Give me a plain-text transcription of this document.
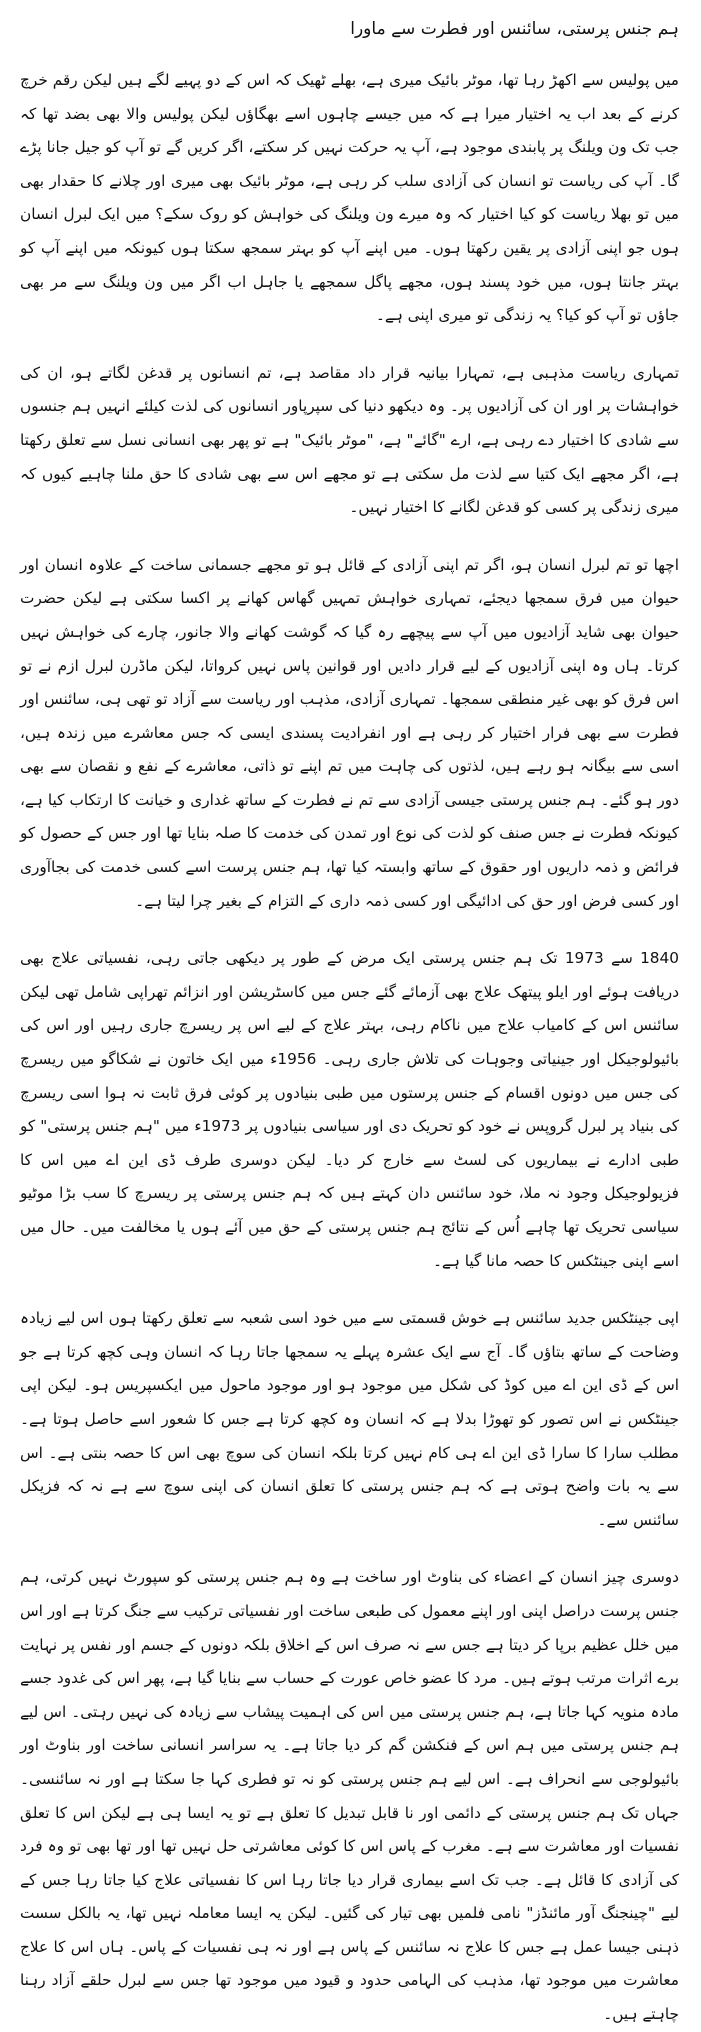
ہم جنس پرستی، سائنس اور فطرت سے ماورا

میں پولیس سے اکھڑ رہا تھا، موٹر بائیک میری ہے، بھلے ٹھیک کہ اس کے دو پہیے لگے ہیں لیکن رقم خرچ کرنے کے بعد اب یہ اختیار میرا ہے کہ میں جیسے چاہوں اسے بھگاؤں لیکن پولیس والا بھی بضد تھا کہ جب تک ون ویلنگ پر پابندی موجود ہے، آپ یہ حرکت نہیں کر سکتے، اگر کریں گے تو آپ کو جیل جانا پڑے گا۔ آپ کی ریاست تو انسان کی آزادی سلب کر رہی ہے، موٹر بائیک بھی میری اور چلانے کا حقدار بھی میں تو بھلا ریاست کو کیا اختیار کہ وہ میرے ون ویلنگ کی خواہش کو روک سکے؟ میں ایک لبرل انسان ہوں جو اپنی آزادی پر یقین رکھتا ہوں۔ میں اپنے آپ کو بہتر سمجھ سکتا ہوں کیونکہ میں اپنے آپ کو بہتر جانتا ہوں، میں خود پسند ہوں، مجھے پاگل سمجھے یا جاہل اب اگر میں ون ویلنگ سے مر بھی جاؤں تو آپ کو کیا؟ یہ زندگی تو میری اپنی ہے۔

تمہاری ریاست مذہبی ہے، تمہارا بیانیہ قرار داد مقاصد ہے، تم انسانوں پر قدغن لگاتے ہو، ان کی خواہشات پر اور ان کی آزادیوں پر۔ وہ دیکھو دنیا کی سپرپاور انسانوں کی لذت کیلئے انہیں ہم جنسوں سے شادی کا اختیار دے رہی ہے، ارے "گائے" ہے، "موٹر بائیک" ہے تو پھر بھی انسانی نسل سے تعلق رکھتا ہے، اگر مجھے ایک کتیا سے لذت مل سکتی ہے تو مجھے اس سے بھی شادی کا حق ملنا چاہیے کیوں کہ میری زندگی پر کسی کو قدغن لگانے کا اختیار نہیں۔

اچھا تو تم لبرل انسان ہو، اگر تم اپنی آزادی کے قائل ہو تو مجھے جسمانی ساخت کے علاوہ انسان اور حیوان میں فرق سمجھا دیجئے، تمہاری خواہش تمہیں گھاس کھانے پر اکسا سکتی ہے لیکن حضرت حیوان بھی شاید آزادیوں میں آپ سے پیچھے رہ گیا کہ گوشت کھانے والا جانور، چارے کی خواہش نہیں کرتا۔ ہاں وہ اپنی آزادیوں کے لیے قرار دادیں اور قوانین پاس نہیں کرواتا، لیکن ماڈرن لبرل ازم نے تو اس فرق کو بھی غیر منطقی سمجھا۔ تمہاری آزادی، مذہب اور ریاست سے آزاد تو تھی ہی، سائنس اور فطرت سے بھی فرار اختیار کر رہی ہے اور انفرادیت پسندی ایسی کہ جس معاشرے میں زندہ ہیں، اسی سے بیگانہ ہو رہے ہیں، لذتوں کی چاہت میں تم اپنے تو ذاتی، معاشرے کے نفع و نقصان سے بھی دور ہو گئے۔ ہم جنس پرستی جیسی آزادی سے تم نے فطرت کے ساتھ غداری و خیانت کا ارتکاب کیا ہے، کیونکہ فطرت نے جس صنف کو لذت کی نوع اور تمدن کی خدمت کا صلہ بنایا تھا اور جس کے حصول کو فرائض و ذمہ داریوں اور حقوق کے ساتھ وابستہ کیا تھا، ہم جنس پرست اسے کسی خدمت کی بجاآوری اور کسی فرض اور حق کی ادائیگی اور کسی ذمہ داری کے التزام کے بغیر چرا لیتا ہے۔

1840 سے 1973 تک ہم جنس پرستی ایک مرض کے طور پر دیکھی جاتی رہی، نفسیاتی علاج بھی دریافت ہوئے اور ایلو پیتھک علاج بھی آزمائے گئے جس میں کاسٹریشن اور انزائم تھراپی شامل تھی لیکن سائنس اس کے کامیاب علاج میں ناکام رہی، بہتر علاج کے لیے اس پر ریسرچ جاری رہیں اور اس کی بائیولوجیکل اور جینیاتی وجوہات کی تلاش جاری رہی۔ 1956ء میں ایک خاتون نے شکاگو میں ریسرچ کی جس میں دونوں اقسام کے جنس پرستوں میں طبی بنیادوں پر کوئی فرق ثابت نہ ہوا اسی ریسرچ کی بنیاد پر لبرل گروپس نے خود کو تحریک دی اور سیاسی بنیادوں پر 1973ء میں "ہم جنس پرستی" کو طبی ادارے نے بیماریوں کی لسٹ سے خارج کر دیا۔ لیکن دوسری طرف ڈی این اے میں اس کا فزیولوجیکل وجود نہ ملا، خود سائنس دان کہتے ہیں کہ ہم جنس پرستی پر ریسرچ کا سب بڑا موٹیو سیاسی تحریک تھا چاہے اُس کے نتائج ہم جنس پرستی کے حق میں آئے ہوں یا مخالفت میں۔ حال میں اسے اپنی جینٹکس کا حصہ مانا گیا ہے۔

اپی جینٹکس جدید سائنس ہے خوش قسمتی سے میں خود اسی شعبہ سے تعلق رکھتا ہوں اس لیے زیادہ وضاحت کے ساتھ بتاؤں گا۔ آج سے ایک عشرہ پہلے یہ سمجھا جاتا رہا کہ انسان وہی کچھ کرتا ہے جو اس کے ڈی این اے میں کوڈ کی شکل میں موجود ہو اور موجود ماحول میں ایکسپریس ہو۔ لیکن اپی جینٹکس نے اس تصور کو تھوڑا بدلا ہے کہ انسان وہ کچھ کرتا ہے جس کا شعور اسے حاصل ہوتا ہے۔ مطلب سارا کا سارا ڈی این اے ہی کام نہیں کرتا بلکہ انسان کی سوچ بھی اس کا حصہ بنتی ہے۔ اس سے یہ بات واضح ہوتی ہے کہ ہم جنس پرستی کا تعلق انسان کی اپنی سوچ سے ہے نہ کہ فزیکل سائنس سے۔

دوسری چیز انسان کے اعضاء کی بناوٹ اور ساخت ہے وہ ہم جنس پرستی کو سپورٹ نہیں کرتی، ہم جنس پرست دراصل اپنی اور اپنے معمول کی طبعی ساخت اور نفسیاتی ترکیب سے جنگ کرتا ہے اور اس میں خلل عظیم برپا کر دیتا ہے جس سے نہ صرف اس کے اخلاق بلکہ دونوں کے جسم اور نفس پر نہایت برے اثرات مرتب ہوتے ہیں۔ مرد کا عضو خاص عورت کے حساب سے بنایا گیا ہے، پھر اس کی غدود جسے مادہ منویہ کہا جاتا ہے، ہم جنس پرستی میں اس کی اہمیت پیشاب سے زیادہ کی نہیں رہتی۔ اس لیے ہم جنس پرستی میں ہم اس کے فنکشن گم کر دیا جاتا ہے۔ یہ سراسر انسانی ساخت اور بناوٹ اور بائیولوجی سے انحراف ہے۔ اس لیے ہم جنس پرستی کو نہ تو فطری کہا جا سکتا ہے اور نہ سائنسی۔ جہاں تک ہم جنس پرستی کے دائمی اور نا قابل تبدیل کا تعلق ہے تو یہ ایسا ہی ہے لیکن اس کا تعلق نفسیات اور معاشرت سے ہے۔ مغرب کے پاس اس کا کوئی معاشرتی حل نہیں تھا اور تھا بھی تو وہ فرد کی آزادی کا قائل ہے۔ جب تک اسے بیماری قرار دیا جاتا رہا اس کا نفسیاتی علاج کیا جاتا رہا جس کے لیے "چینجنگ آور مائنڈز" نامی فلمیں بھی تیار کی گئیں۔ لیکن یہ ایسا معاملہ نہیں تھا، یہ بالکل سست ذہنی جیسا عمل ہے جس کا علاج نہ سائنس کے پاس ہے اور نہ ہی نفسیات کے پاس۔ ہاں اس کا علاج معاشرت میں موجود تھا، مذہب کی الہامی حدود و قیود میں موجود تھا جس سے لبرل حلقے آزاد رہنا چاہتے ہیں۔
